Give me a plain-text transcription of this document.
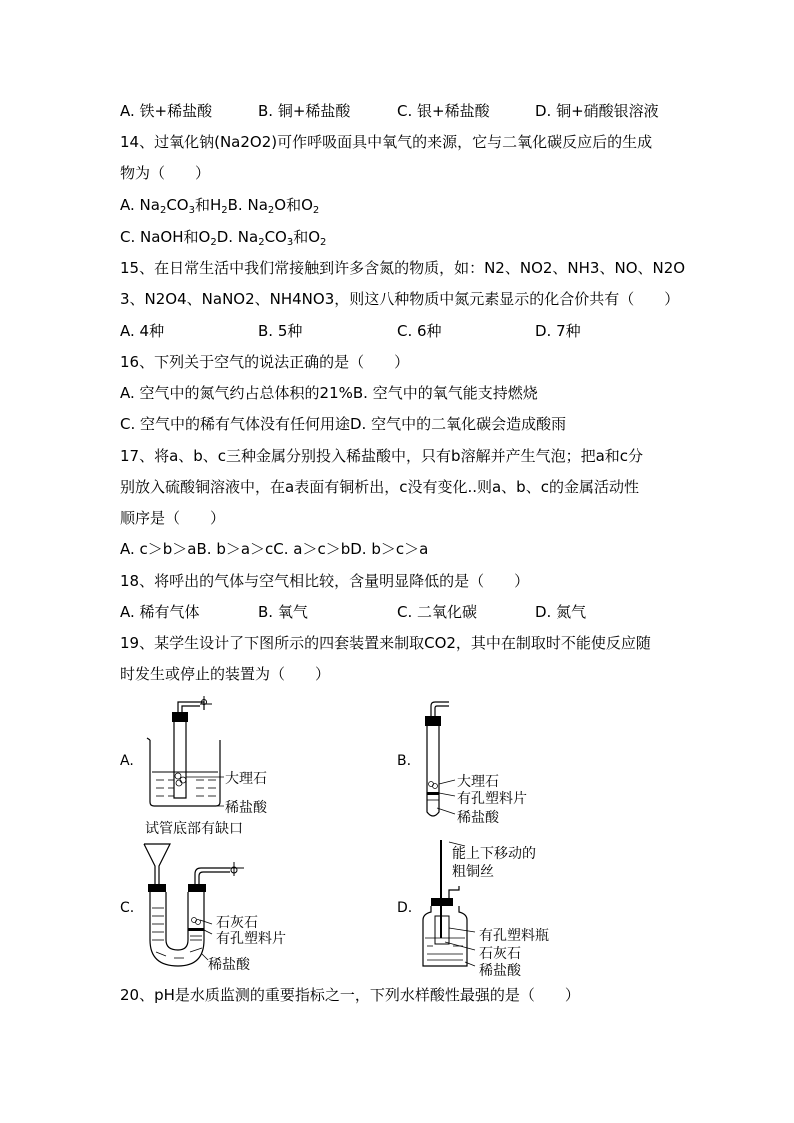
A. 铁+稀盐酸	B. 铜+稀盐酸	C. 银+稀盐酸	D. 铜+硝酸银溶液
14、过氧化钠(Na2O2)可作呼吸面具中氧气的来源，它与二氧化碳反应后的生成
物为（　　）
A. $Na_2CO_3$和$H_2B$. $Na_2O$和$O_2$
C. NaOH和$O_2D$. $Na_2CO_3$和$O_2$
15、在日常生活中我们常接触到许多含氮的物质，如：N2、NO2、NH3、NO、N2O
3、N2O4、NaNO2、NH4NO3，则这八种物质中氮元素显示的化合价共有（　　）
A. 4种	B. 5种	C. 6种	D. 7种
16、下列关于空气的说法正确的是（　　）
A. 空气中的氮气约占总体积的21%B. 空气中的氧气能支持燃烧
C. 空气中的稀有气体没有任何用途D. 空气中的二氧化碳会造成酸雨
17、将a、b、c三种金属分别投入稀盐酸中，只有b溶解并产生气泡；把a和c分
别放入硫酸铜溶液中，在a表面有铜析出，c没有变化..则a、b、c的金属活动性
顺序是（　　）
A. c＞b＞aB. b＞a＞cC. a＞c＞bD. b＞c＞a
18、将呼出的气体与空气相比较，含量明显降低的是（　　）
A. 稀有气体	B. 氧气	C. 二氧化碳	D. 氮气
19、某学生设计了下图所示的四套装置来制取CO2，其中在制取时不能使反应随
时发生或停止的装置为（　　）
A.
大理石
稀盐酸
试管底部有缺口
B.
大理石
有孔塑料片
稀盐酸
C.
石灰石
有孔塑料片
稀盐酸
D.
能上下移动的
粗铜丝
有孔塑料瓶
石灰石
稀盐酸
20、pH是水质监测的重要指标之一，下列水样酸性最强的是（　　）
